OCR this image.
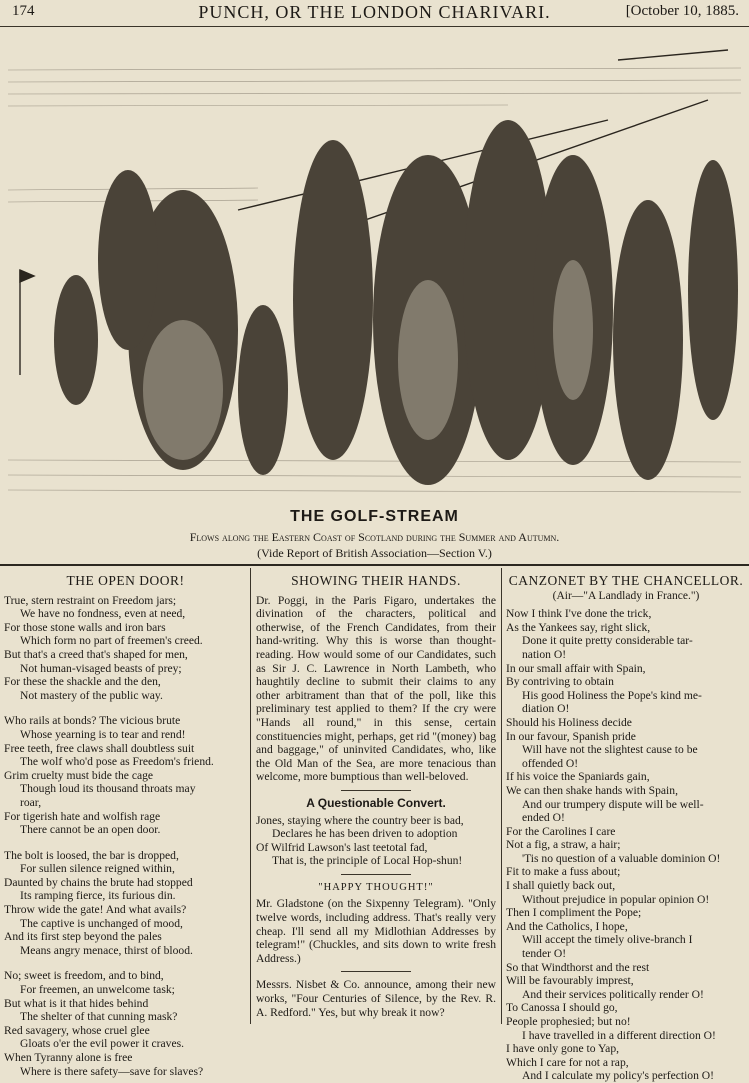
174	PUNCH, OR THE LONDON CHARIVARI.	[October 10, 1885.
THE GOLF-STREAM
Flows along the Eastern Coast of Scotland during the Summer and Autumn.
(Vide Report of British Association—Section V.)
THE OPEN DOOR!
True, stern restraint on Freedom jars;
We have no fondness, even at need,
For those stone walls and iron bars
Which form no part of freemen's creed.
But that's a creed that's shaped for men,
Not human-visaged beasts of prey;
For these the shackle and the den,
Not mastery of the public way.
Who rails at bonds? The vicious brute
Whose yearning is to tear and rend!
Free teeth, free claws shall doubtless suit
The wolf who'd pose as Freedom's friend.
Grim cruelty must bide the cage
Though loud its thousand throats may
roar,
For tigerish hate and wolfish rage
There cannot be an open door.
The bolt is loosed, the bar is dropped,
For sullen silence reigned within,
Daunted by chains the brute had stopped
Its ramping fierce, its furious din.
Throw wide the gate! And what avails?
The captive is unchanged of mood,
And its first step beyond the pales
Means angry menace, thirst of blood.
No; sweet is freedom, and to bind,
For freemen, an unwelcome task;
But what is it that hides behind
The shelter of that cunning mask?
Red savagery, whose cruel glee
Gloats o'er the evil power it craves.
When Tyranny alone is free
Where is there safety—save for slaves?
SHOWING THEIR HANDS.

Dr. Poggi, in the Paris Figaro, undertakes the divination of the characters, political and otherwise, of the French Candidates, from their hand-writing. Why this is worse than thought-reading. How would some of our Candidates, such as Sir J. C. Lawrence in North Lambeth, who haughtily decline to submit their claims to any other arbitrament than that of the poll, like this preliminary test applied to them? If the cry were "Hands all round," in this sense, certain constituencies might, perhaps, get rid "(money) bag and baggage," of uninvited Candidates, who, like the Old Man of the Sea, are more tenacious than welcome, more bumptious than well-beloved.

A Questionable Convert.
Jones, staying where the country beer is bad,
Declares he has been driven to adoption
Of Wilfrid Lawson's last teetotal fad,
That is, the principle of Local Hop-shun!
"HAPPY THOUGHT!"

Mr. Gladstone (on the Sixpenny Telegram). "Only twelve words, including address. That's really very cheap. I'll send all my Midlothian Addresses by telegram!" (Chuckles, and sits down to write fresh Address.)

Messrs. Nisbet & Co. announce, among their new works, "Four Centuries of Silence, by the Rev. R. A. Redford." Yes, but why break it now?

CANZONET BY THE CHANCELLOR.
(Air—"A Landlady in France.")
Now I think I've done the trick,
As the Yankees say, right slick,
Done it quite pretty considerable tar-
nation O!
In our small affair with Spain,
By contriving to obtain
His good Holiness the Pope's kind me-
diation O!
Should his Holiness decide
In our favour, Spanish pride
Will have not the slightest cause to be
offended O!
If his voice the Spaniards gain,
We can then shake hands with Spain,
And our trumpery dispute will be well-
ended O!
For the Carolines I care
Not a fig, a straw, a hair;
'Tis no question of a valuable dominion O!
Fit to make a fuss about;
I shall quietly back out,
Without prejudice in popular opinion O!
Then I compliment the Pope;
And the Catholics, I hope,
Will accept the timely olive-branch I
tender O!
So that Windthorst and the rest
Will be favourably imprest,
And their services politically render O!
To Canossa I should go,
People prophesied; but no!
I have travelled in a different direction O!
I have only gone to Yap,
Which I care for not a rap,
And I calculate my policy's perfection O!
